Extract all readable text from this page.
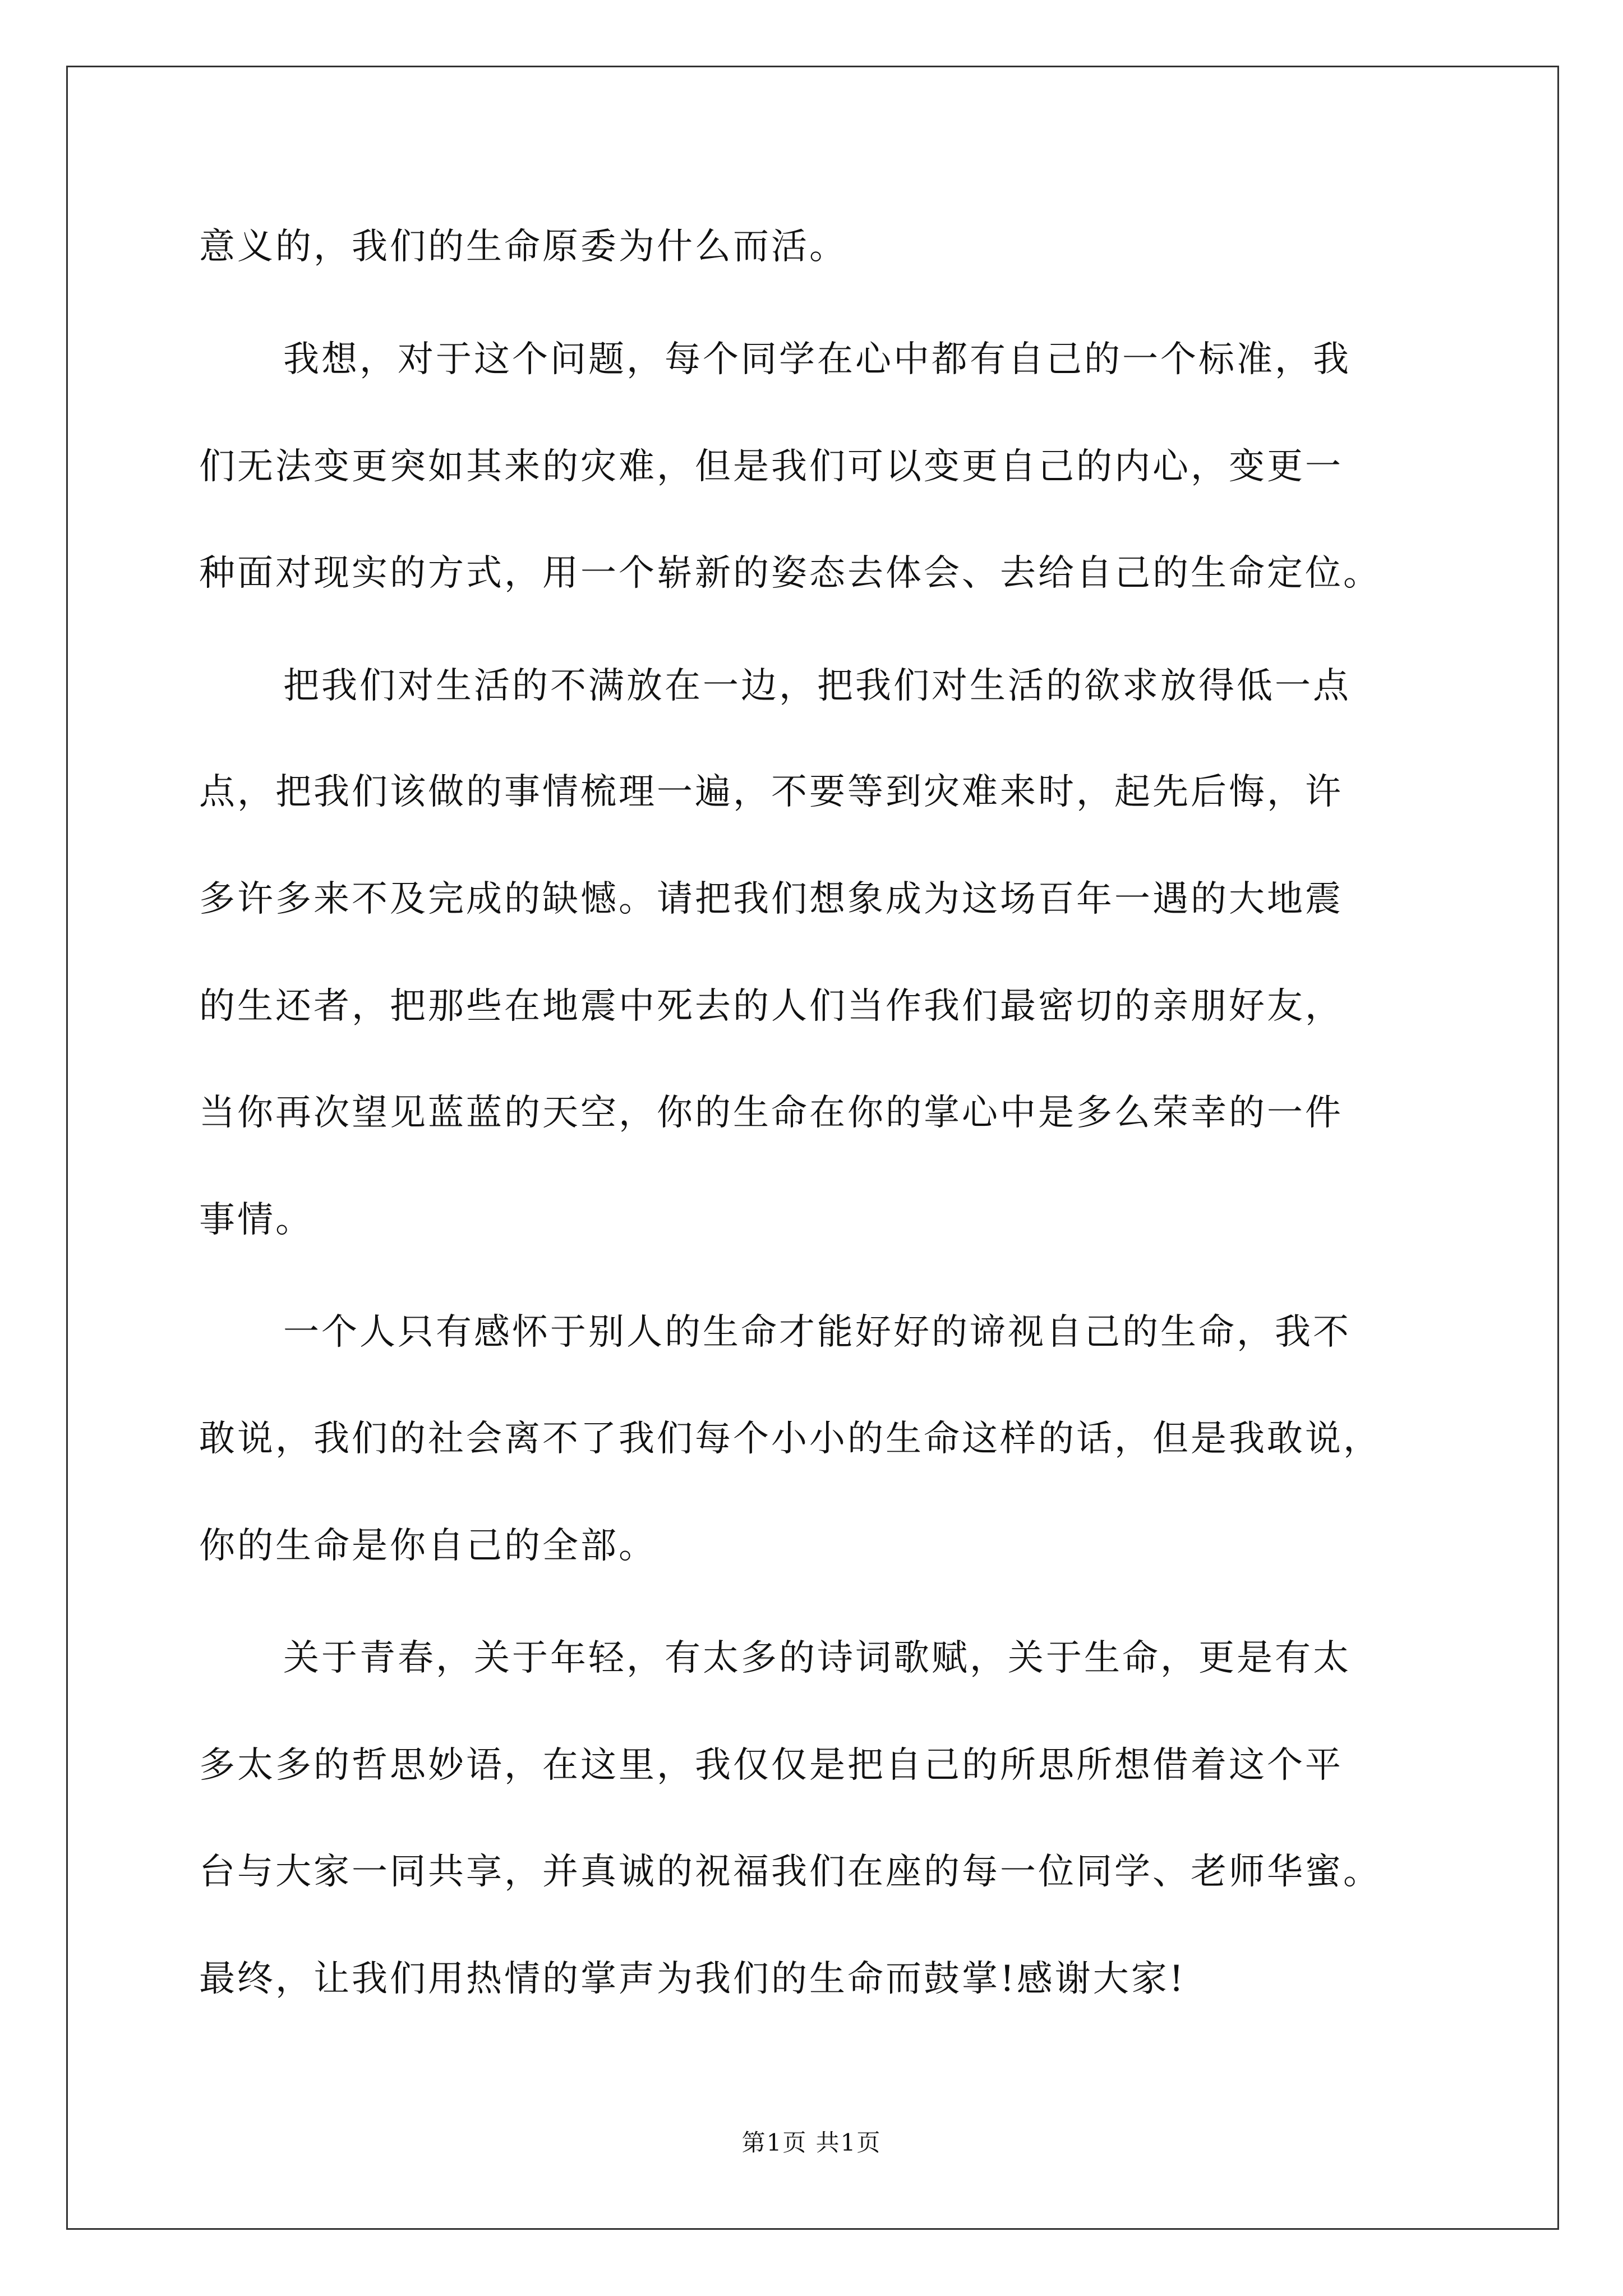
意义的，我们的生命原委为什么而活。
我想，对于这个问题，每个同学在心中都有自己的一个标准，我
们无法变更突如其来的灾难，但是我们可以变更自己的内心，变更一
种面对现实的方式，用一个崭新的姿态去体会、去给自己的生命定位。
把我们对生活的不满放在一边，把我们对生活的欲求放得低一点
点，把我们该做的事情梳理一遍，不要等到灾难来时，起先后悔，许
多许多来不及完成的缺憾。请把我们想象成为这场百年一遇的大地震
的生还者，把那些在地震中死去的人们当作我们最密切的亲朋好友，
当你再次望见蓝蓝的天空，你的生命在你的掌心中是多么荣幸的一件
事情。
一个人只有感怀于别人的生命才能好好的谛视自己的生命，我不
敢说，我们的社会离不了我们每个小小的生命这样的话，但是我敢说，
你的生命是你自己的全部。
关于青春，关于年轻，有太多的诗词歌赋，关于生命，更是有太
多太多的哲思妙语，在这里，我仅仅是把自己的所思所想借着这个平
台与大家一同共享，并真诚的祝福我们在座的每一位同学、老师华蜜。
最终，让我们用热情的掌声为我们的生命而鼓掌!感谢大家!
第1页 共1页
